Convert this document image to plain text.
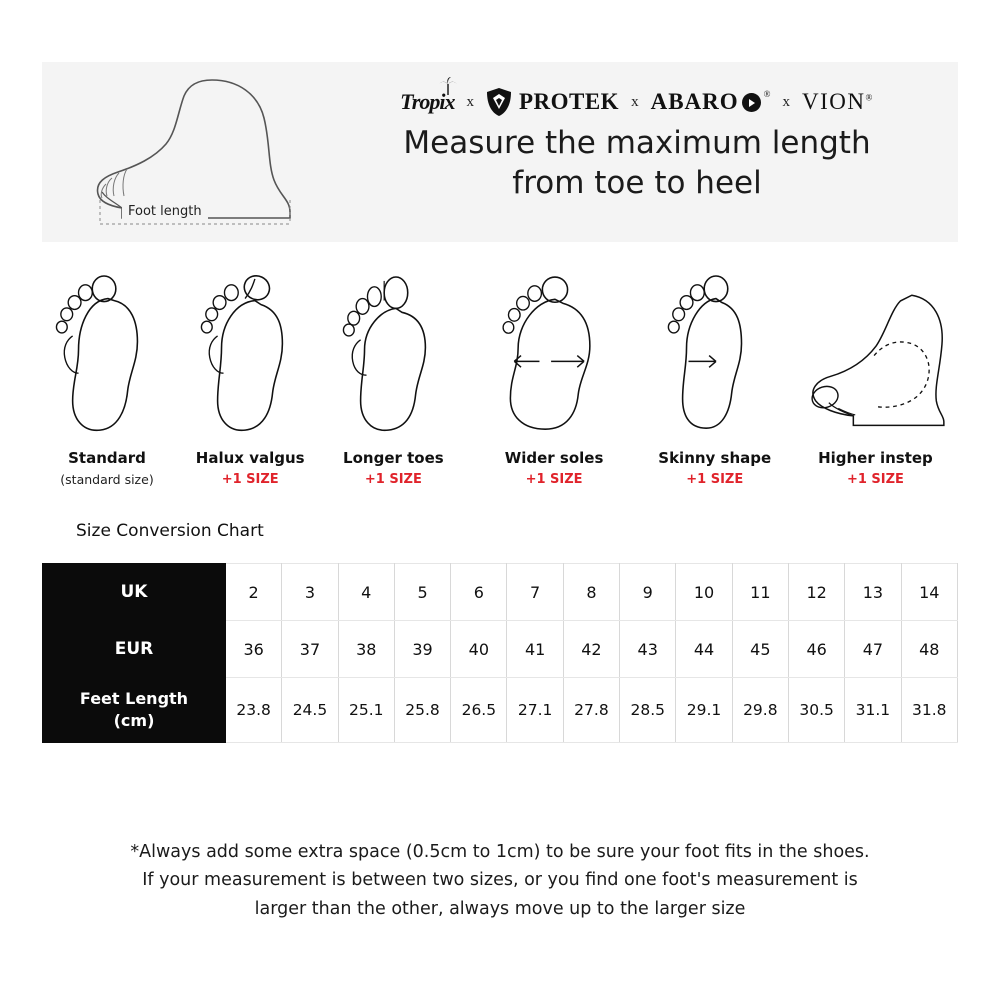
Foot length
Tropix x PROTEK x ABARO	® x VION®
Measure the maximum length
from toe to heel
Standard
(standard size)
Halux valgus
+1 SIZE
Longer toes
+1 SIZE
Wider soles
+1 SIZE
Skinny shape
+1 SIZE
Higher instep
+1 SIZE
Size Conversion Chart
UK	2	3	4	5	6	7	8	9	10	11	12	13	14
EUR	36	37	38	39	40	41	42	43	44	45	46	47	48

Feet Length
(cm)	23.8	24.5	25.1	25.8	26.5	27.1	27.8	28.5	29.1	29.8	30.5	31.1	31.8
*Always add some extra space (0.5cm to 1cm) to be sure your foot fits in the shoes.
If your measurement is between two sizes, or you find one foot's measurement is
larger than the other, always move up to the larger size
